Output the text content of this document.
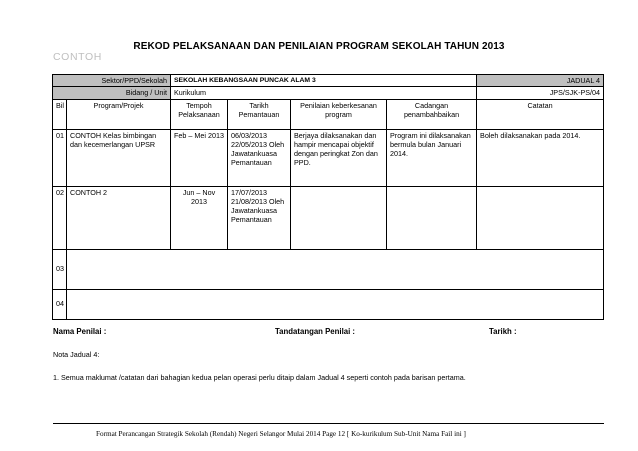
REKOD PELAKSANAAN DAN PENILAIAN PROGRAM SEKOLAH TAHUN 2013
CONTOH
Sektor/PPD/Sekolah		SEKOLAH KEBANGSAAN PUNCAK ALAM 3				JADUAL 4
Bidang / Unit		Kurikulum				JPS/SJK-PS/04
Bil	Program/Projek	Tempoh Pelaksanaan	Tarikh Pemantauan	Penilaian keberkesanan program	Cadangan penambahbaikan	Catatan
01	CONTOH Kelas bimbingan dan kecemerlangan UPSR	Feb – Mei 2013	06/03/2013 22/05/2013 Oleh Jawatankuasa Pemantauan	Berjaya dilaksanakan dan hampir mencapai objektif dengan peringkat Zon dan PPD.	Program ini dilaksanakan bermula bulan Januari 2014.	Boleh dilaksanakan pada 2014.
02	CONTOH 2	Jun – Nov 2013	17/07/2013 21/08/2013 Oleh Jawatankuasa Pemantauan			
03						
04						
Nama Penilai :	Tandatangan Penilai :	Tarikh :
Nota Jadual 4:
1. Semua maklumat /catatan dari bahagian kedua pelan operasi perlu ditaip dalam Jadual 4 seperti contoh pada barisan pertama.
Format Perancangan Strategik Sekolah (Rendah) Negeri Selangor Mulai 2014 Page 12 [ Ko-kurikulum Sub-Unit Nama Fail ini ]
